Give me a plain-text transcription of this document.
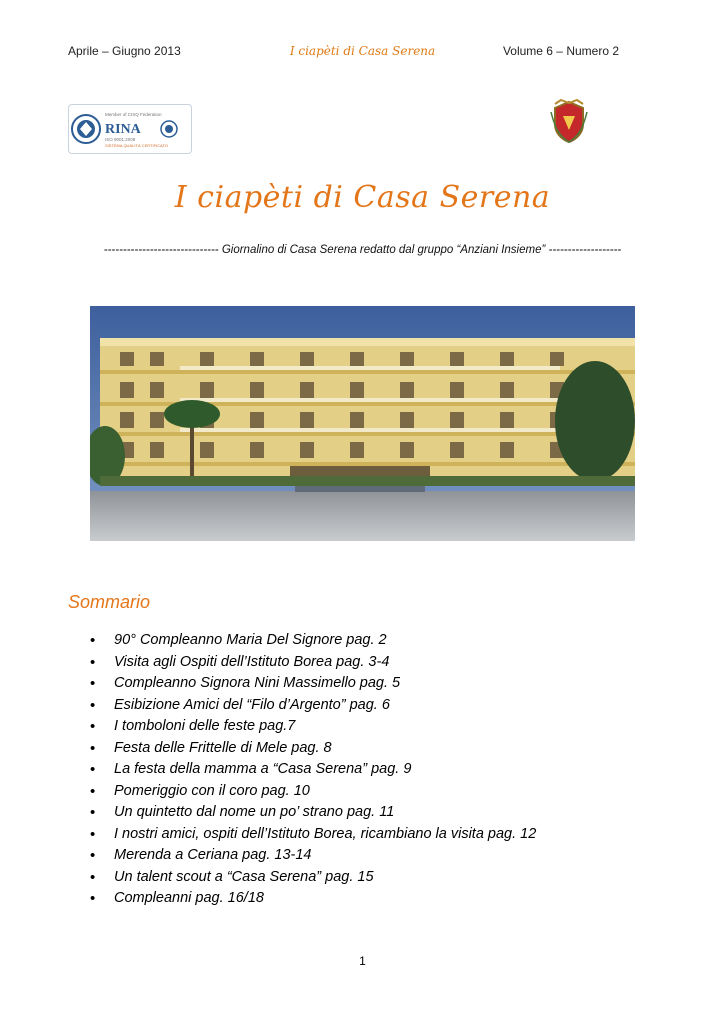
Aprile – Giugno 2013	I ciapèti di Casa Serena	Volume 6 – Numero 2
RINA
Member of CISQ Federation
ISO 9001:2008
SISTEMA QUALITÀ CERTIFICATO
I ciapèti di Casa Serena
------------------------------ Giornalino di Casa Serena redatto dal gruppo “Anziani Insieme” -------------------
Sommario
• 90° Compleanno Maria Del Signore pag. 2
• Visita agli Ospiti dell’Istituto Borea pag. 3-4
• Compleanno Signora Nini Massimello pag. 5
• Esibizione Amici del “Filo d’Argento” pag. 6
• I tomboloni delle feste pag.7
• Festa delle Frittelle di Mele pag. 8
• La festa della mamma a “Casa Serena” pag. 9
• Pomeriggio con il coro pag. 10
• Un quintetto dal nome un po’ strano pag. 11
• I nostri amici, ospiti dell’Istituto Borea, ricambiano la visita pag. 12
• Merenda a Ceriana pag. 13-14
• Un talent scout a “Casa Serena” pag. 15
• Compleanni pag. 16/18
1
